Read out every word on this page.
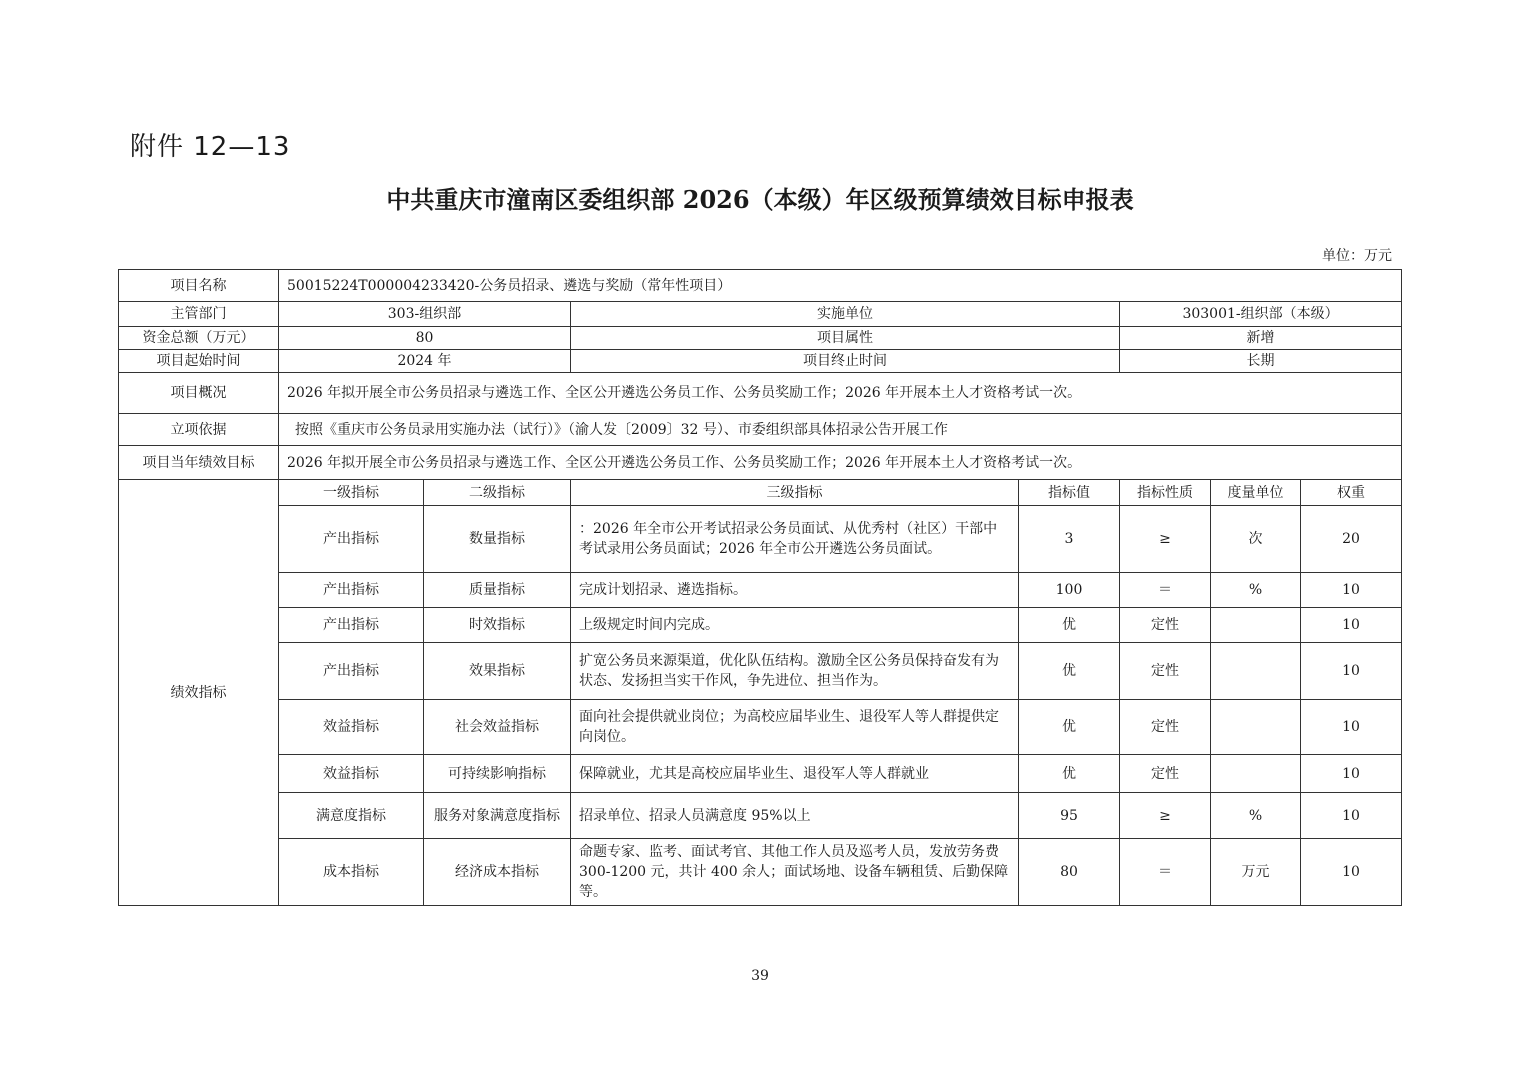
附件 12—13
中共重庆市潼南区委组织部 2026（本级）年区级预算绩效目标申报表
单位：万元
项目名称	50015224T000004233420-公务员招录、遴选与奖励（常年性项目）						
主管部门	303-组织部		实施单位		303001-组织部（本级）		
资金总额（万元）	80		项目属性		新增		
项目起始时间	2024 年		项目终止时间		长期		
项目概况	2026 年拟开展全市公务员招录与遴选工作、全区公开遴选公务员工作、公务员奖励工作；2026 年开展本土人才资格考试一次。						
立项依据	按照《重庆市公务员录用实施办法（试行）》（渝人发〔2009〕32 号）、市委组织部具体招录公告开展工作						
项目当年绩效目标	2026 年拟开展全市公务员招录与遴选工作、全区公开遴选公务员工作、公务员奖励工作；2026 年开展本土人才资格考试一次。						
绩效指标	一级指标	二级指标	三级指标	指标值	指标性质	度量单位	权重
	产出指标	数量指标	：2026 年全市公开考试招录公务员面试、从优秀村（社区）干部中考试录用公务员面试；2026 年全市公开遴选公务员面试。	3	≥	次	20
	产出指标	质量指标	完成计划招录、遴选指标。	100	＝	%	10
	产出指标	时效指标	上级规定时间内完成。	优	定性		10
	产出指标	效果指标	扩宽公务员来源渠道，优化队伍结构。激励全区公务员保持奋发有为状态、发扬担当实干作风，争先进位、担当作为。	优	定性		10
	效益指标	社会效益指标	面向社会提供就业岗位；为高校应届毕业生、退役军人等人群提供定向岗位。	优	定性		10
	效益指标	可持续影响指标	保障就业，尤其是高校应届毕业生、退役军人等人群就业	优	定性		10
	满意度指标	服务对象满意度指标	招录单位、招录人员满意度 95%以上	95	≥	%	10
	成本指标	经济成本指标	命题专家、监考、面试考官、其他工作人员及巡考人员，发放劳务费 300-1200 元，共计 400 余人；面试场地、设备车辆租赁、后勤保障等。	80	＝	万元	10
39
